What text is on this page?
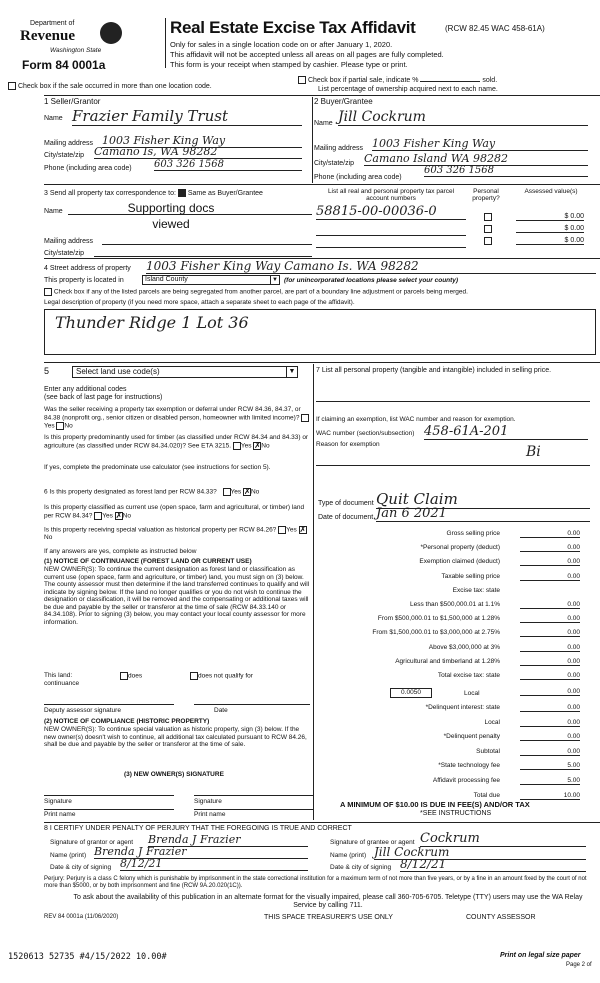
Department of
Revenue
Washington State
Form 84 0001a
Real Estate Excise Tax Affidavit	(RCW 82.45 WAC 458-61A)
Only for sales in a single location code on or after January 1, 2020.
This affidavit will not be accepted unless all areas on all pages are fully completed.
This form is your receipt when stamped by cashier. Please type or print.
Check box if the sale occurred in more than one location code.
Check box if partial sale, indicate %	sold.
List percentage of ownership acquired next to each name.
1 Seller/Grantor
Name Frazier Family Trust
Mailing address 1003 Fisher King Way
City/state/zip Camano Is, WA 98282
Phone (including area code) 603 326 1568
2 Buyer/Grantee
Name Jill Cockrum
Mailing address 1003 Fisher King Way
City/state/zip Camano Island WA 98282
Phone (including area code)
603 326 1568
3 Send all property tax correspondence to: Same as Buyer/Grantee
Name	Supporting docs viewed
Mailing address
City/state/zip
List all real and personal property tax parcel account numbers
Personal property?
Assessed value(s)
58815-00-00036-0	$ 0.00
$ 0.00
$ 0.00
4 Street address of property 1003 Fisher King Way Camano Is. WA 98282
This property is located in	Island County	▼ (for unincorporated locations please select your county)
Check box if any of the listed parcels are being segregated from another parcel, are part of a boundary line adjustment or parcels being merged.
Legal description of property (if you need more space, attach a separate sheet to each page of the affidavit).
Thunder Ridge 1 Lot 36
5	Select land use code(s)	▼
Enter any additional codes
(see back of last page for instructions)
Was the seller receiving a property tax exemption or deferral under RCW 84.36, 84.37, or 84.38 (nonprofit org., senior citizen or disabled person, homeowner with limited income)? Yes No
Is this property predominantly used for timber (as classified under RCW 84.34 and 84.33) or agriculture (as classified under RCW 84.34.020)? See ETA 3215. Yes ✗No
If yes, complete the predominate use calculator (see instructions for section 5).
7 List all personal property (tangible and intangible) included in selling price.
If claiming an exemption, list WAC number and reason for exemption.
WAC number (section/subsection) 458-61A-201
Reason for exemption	Bi
6 Is this property designated as forest land per RCW 84.33? Yes ✗No
Is this property classified as current use (open space, farm and agricultural, or timber) land per RCW 84.34? Yes ✗No
Is this property receiving special valuation as historical property per RCW 84.26? Yes ✗No
If any answers are yes, complete as instructed below
(1) NOTICE OF CONTINUANCE (FOREST LAND OR CURRENT USE)
NEW OWNER(S): To continue the current designation as forest land or classification as current use (open space, farm and agriculture, or timber) land, you must sign on (3) below. The county assessor must then determine if the land transferred continues to qualify and will indicate by signing below. If the land no longer qualifies or you do not wish to continue the designation or classification, it will be removed and the compensating or additional taxes will be due and payable by the seller or transferor at the time of sale (RCW 84.33.140 or 84.34.108). Prior to signing (3) below, you may contact your local county assessor for more information.
This land:
continuance
does	does not qualify for
Deputy assessor signature	Date
(2) NOTICE OF COMPLIANCE (HISTORIC PROPERTY)
NEW OWNER(S): To continue special valuation as historic property, sign (3) below. If the new owner(s) doesn't wish to continue, all additional tax calculated pursuant to RCW 84.26, shall be due and payable by the seller or transferor at the time of sale.
(3) NEW OWNER(S) SIGNATURE
Signature	Signature
Print name	Print name
Type of document Quit Claim
Date of document Jan 6 2021
Gross selling price	0.00
*Personal property (deduct)	0.00
Exemption claimed (deduct)	0.00
Taxable selling price	0.00
Excise tax: state
Less than $500,000.01 at 1.1%	0.00
From $500,000.01 to $1,500,000 at 1.28%	0.00
From $1,500,000.01 to $3,000,000 at 2.75%	0.00
Above $3,000,000 at 3%	0.00
Agricultural and timberland at 1.28%	0.00
Total excise tax: state	0.00
0.0050	Local	0.00
*Delinquent interest: state	0.00
Local	0.00
*Delinquent penalty	0.00
Subtotal	0.00
*State technology fee	5.00
Affidavit processing fee	5.00
Total due	10.00
A MINIMUM OF $10.00 IS DUE IN FEE(S) AND/OR TAX
*SEE INSTRUCTIONS
8 I CERTIFY UNDER PENALTY OF PERJURY THAT THE FOREGOING IS TRUE AND CORRECT
Signature of grantor or agent Brenda J Frazier
Name (print) Brenda J Frazier
Date & city of signing 8/12/21
Signature of grantee or agent Cockrum
Name (print) Jill Cockrum
Date & city of signing 8/12/21
Perjury: Perjury is a class C felony which is punishable by imprisonment in the state correctional institution for a maximum term of not more than five years, or by a fine in an amount fixed by the court of not more than $5000, or by both imprisonment and fine (RCW 9A.20.020(1C)).
To ask about the availability of this publication in an alternate format for the visually impaired, please call 360-705-6705. Teletype (TTY) users may use the WA Relay Service by calling 711.
REV 84 0001a (11/06/2020)	THIS SPACE TREASURER'S USE ONLY	COUNTY ASSESSOR
1520613 52735 #4/15/2022 10.00#	Print on legal size paper
Page 2 of
